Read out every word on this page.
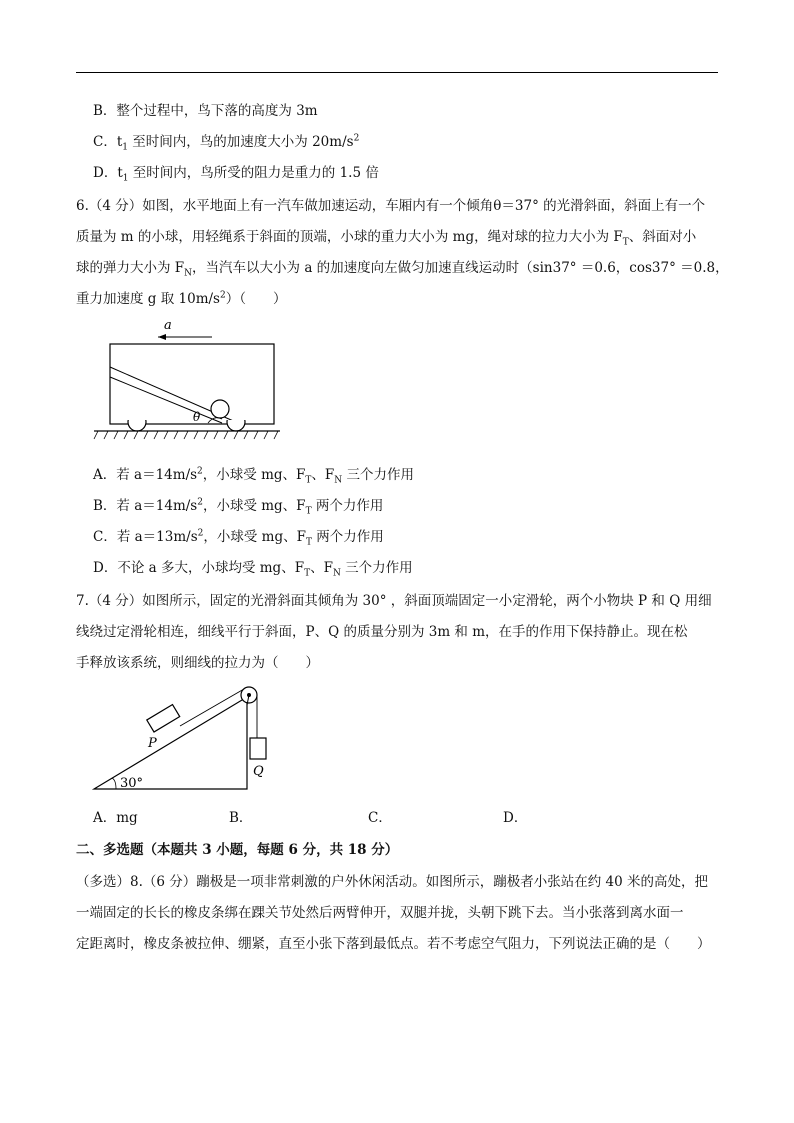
B．整个过程中，鸟下落的高度为 3m
C．$t_1$ 至时间内，鸟的加速度大小为 $20m/s^2$
D．$t_1$ 至时间内，鸟所受的阻力是重力的 1.5 倍
6.（4 分）如图，水平地面上有一汽车做加速运动，车厢内有一个倾角θ＝37° 的光滑斜面，斜面上有一个
质量为 m 的小球，用轻绳系于斜面的顶端，小球的重力大小为 mg，绳对球的拉力大小为 $F_T$、斜面对小
球的弹力大小为 $F_N$，当汽车以大小为 a 的加速度向左做匀加速直线运动时（sin37° ＝0.6，cos37° ＝0.8，
重力加速度 g 取 $10m/s^2$）（　　）
a
θ
A．若 $a=14m/s^2$，小球受 mg、$F_T$、$F_N$ 三个力作用
B．若 $a=14m/s^2$，小球受 mg、$F_T$ 两个力作用
C．若 $a=13m/s^2$，小球受 mg、$F_T$ 两个力作用
D．不论 a 多大，小球均受 mg、$F_T$、$F_N$ 三个力作用
7.（4 分）如图所示，固定的光滑斜面其倾角为 30° ，斜面顶端固定一小定滑轮，两个小物块 P 和 Q 用细
线绕过定滑轮相连，细线平行于斜面，P、Q 的质量分别为 3m 和 m，在手的作用下保持静止。现在松
手释放该系统，则细线的拉力为（　　）
P
Q
30°
A．mg	B．	C．	D．
二、多选题（本题共 3 小题，每题 6 分，共 18 分）
（多选）8.（6 分）蹦极是一项非常刺激的户外休闲活动。如图所示，蹦极者小张站在约 40 米的高处，把
一端固定的长长的橡皮条绑在踝关节处然后两臂伸开，双腿并拢，头朝下跳下去。当小张落到离水面一
定距离时，橡皮条被拉伸、绷紧，直至小张下落到最低点。若不考虑空气阻力，下列说法正确的是（　　）
